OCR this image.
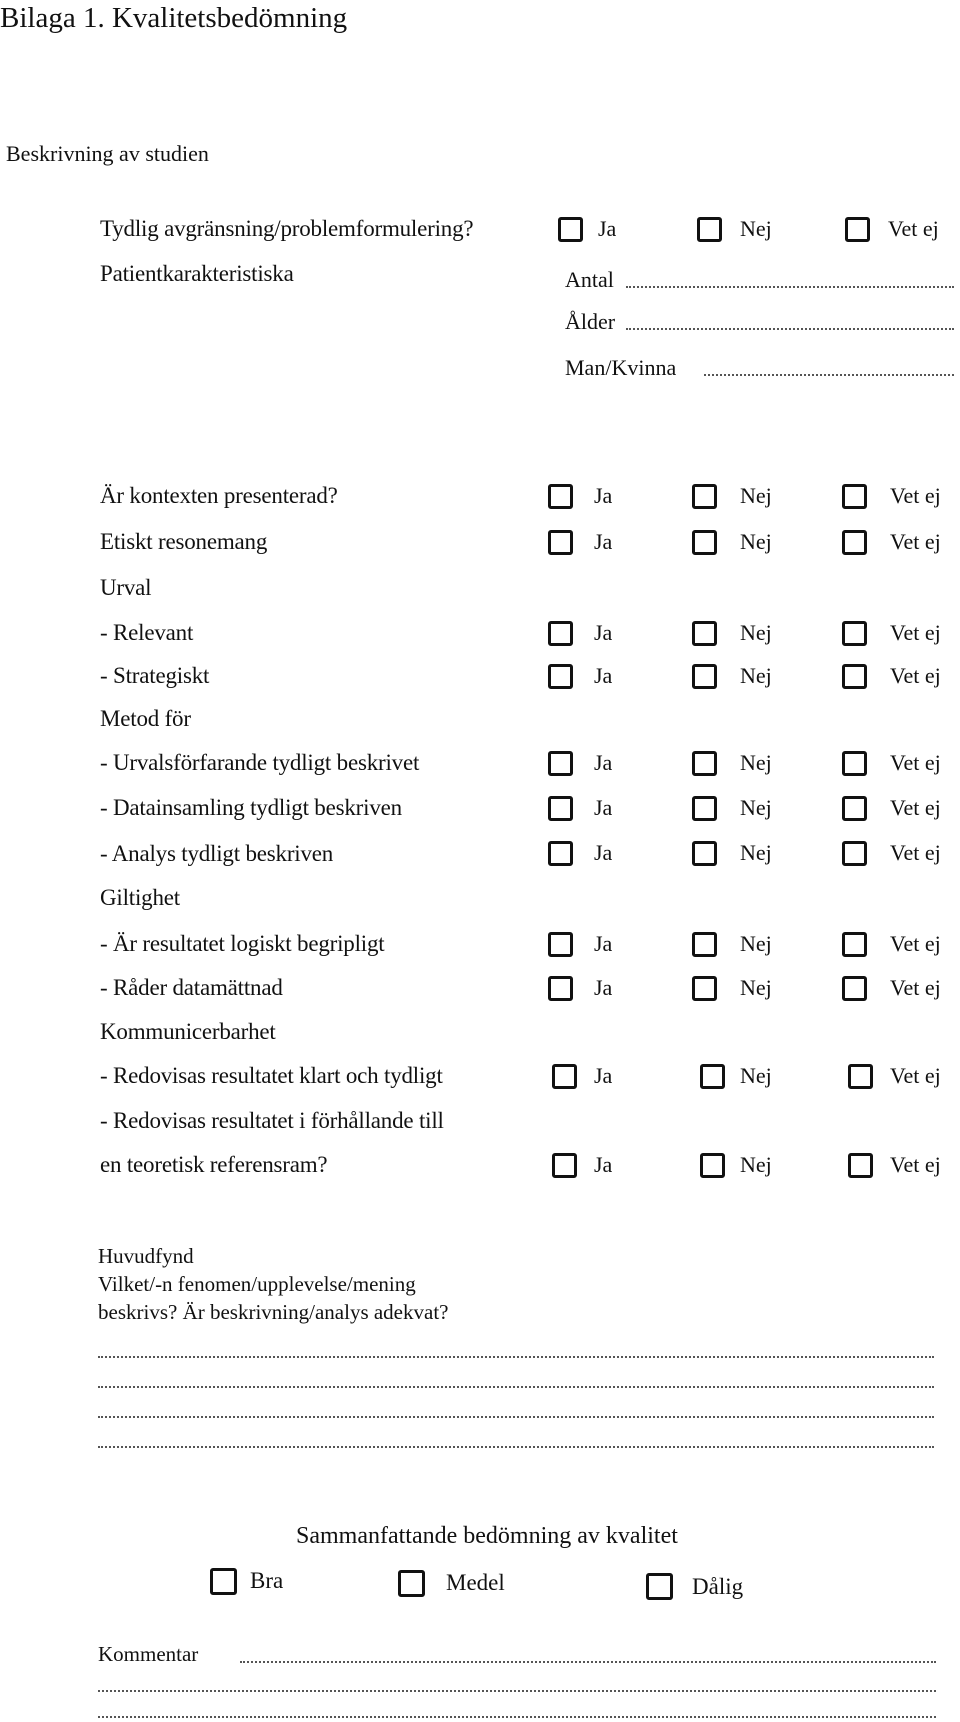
Bilaga 1. Kvalitetsbedömning
Beskrivning av studien
Tydlig avgränsning/problemformulering?	Ja	Nej	Vet ej
Patientkarakteristiska	Antal
Ålder
Man/Kvinna
Är kontexten presenterad?	Ja	Nej	Vet ej
Etiskt resonemang	Ja	Nej	Vet ej
Urval
- Relevant	Ja	Nej	Vet ej
- Strategiskt	Ja	Nej	Vet ej
Metod för
- Urvalsförfarande tydligt beskrivet	Ja	Nej	Vet ej
- Datainsamling tydligt beskriven	Ja	Nej	Vet ej
- Analys tydligt beskriven	Ja	Nej	Vet ej
Giltighet
- Är resultatet logiskt begripligt	Ja	Nej	Vet ej
- Råder datamättnad	Ja	Nej	Vet ej
Kommunicerbarhet
- Redovisas resultatet klart och tydligt	Ja	Nej	Vet ej
- Redovisas resultatet i förhållande till
en teoretisk referensram?	Ja	Nej	Vet ej
Huvudfynd
Vilket/-n fenomen/upplevelse/mening
beskrivs? Är beskrivning/analys adekvat?
Sammanfattande bedömning av kvalitet
Bra	Medel	Dålig
Kommentar
